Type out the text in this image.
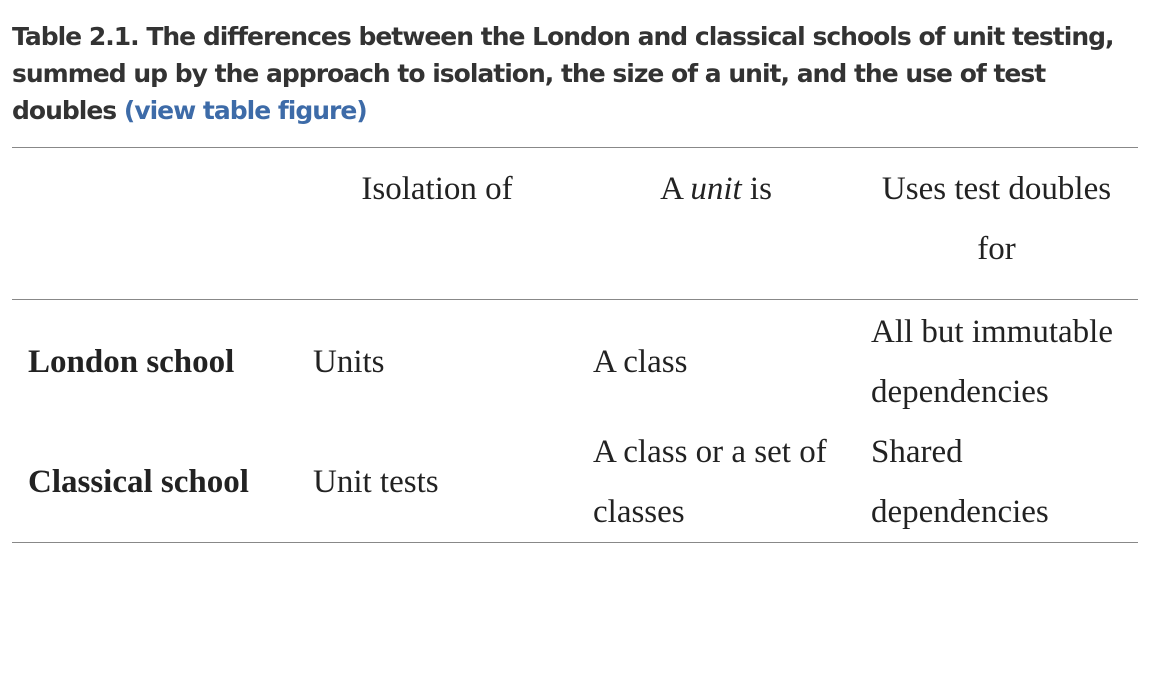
Table 2.1. The differences between the London and classical schools of unit testing, summed up by the approach to isolation, the size of a unit, and the use of test doubles (view table figure)
	Isolation of	A unit is	Uses test doubles for
London school	Units	A class	All but immutable dependencies
Classical school	Unit tests	A class or a set of classes	Shared dependencies
